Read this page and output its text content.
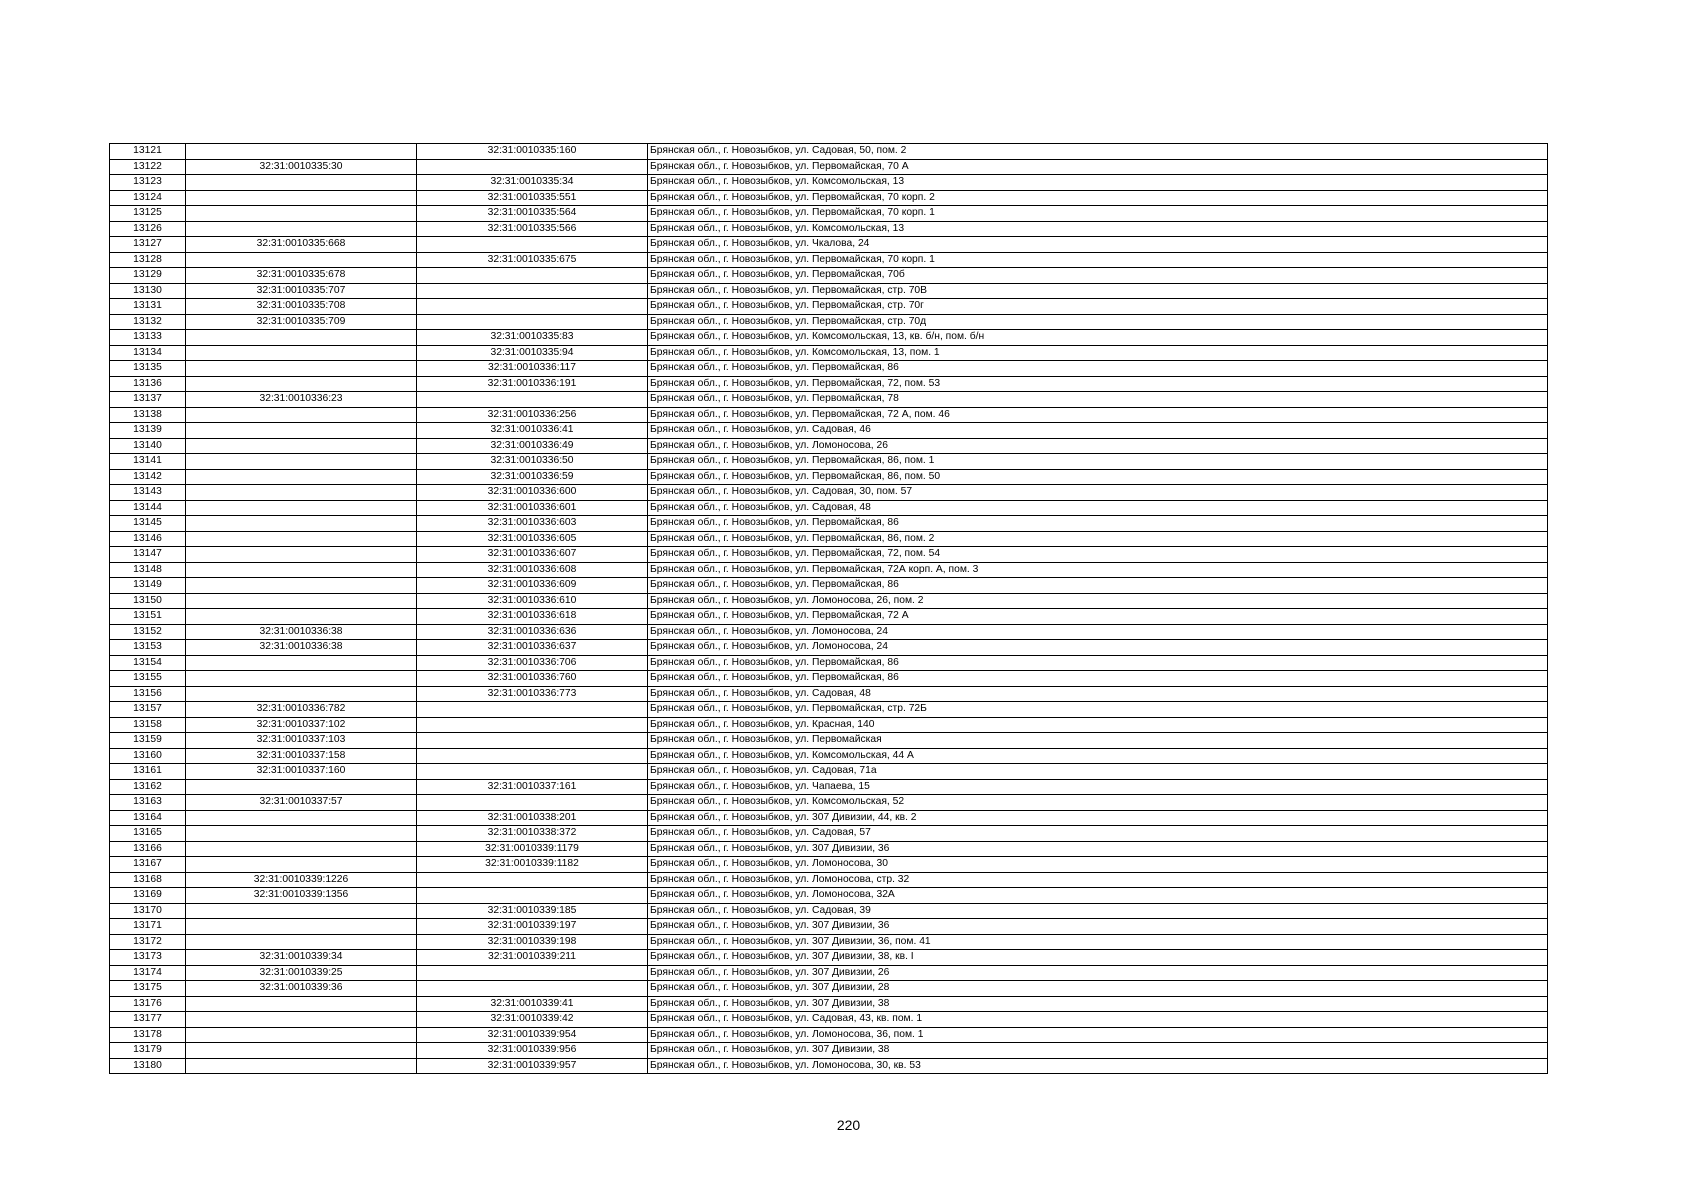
13121		32:31:0010335:160	Брянская обл., г. Новозыбков, ул. Садовая, 50, пом. 2
13122	32:31:0010335:30		Брянская обл., г. Новозыбков, ул. Первомайская, 70 А
13123		32:31:0010335:34	Брянская обл., г. Новозыбков, ул. Комсомольская, 13
13124		32:31:0010335:551	Брянская обл., г. Новозыбков, ул. Первомайская, 70 корп. 2
13125		32:31:0010335:564	Брянская обл., г. Новозыбков, ул. Первомайская, 70 корп. 1
13126		32:31:0010335:566	Брянская обл., г. Новозыбков, ул. Комсомольская, 13
13127	32:31:0010335:668		Брянская обл., г. Новозыбков, ул. Чкалова, 24
13128		32:31:0010335:675	Брянская обл., г. Новозыбков, ул. Первомайская, 70 корп. 1
13129	32:31:0010335:678		Брянская обл., г. Новозыбков, ул. Первомайская, 70б
13130	32:31:0010335:707		Брянская обл., г. Новозыбков, ул. Первомайская, стр. 70В
13131	32:31:0010335:708		Брянская обл., г. Новозыбков, ул. Первомайская, стр. 70г
13132	32:31:0010335:709		Брянская обл., г. Новозыбков, ул. Первомайская, стр. 70д
13133		32:31:0010335:83	Брянская обл., г. Новозыбков, ул. Комсомольская, 13, кв. б/н, пом. б/н
13134		32:31:0010335:94	Брянская обл., г. Новозыбков, ул. Комсомольская, 13, пом. 1
13135		32:31:0010336:117	Брянская обл., г. Новозыбков, ул. Первомайская, 86
13136		32:31:0010336:191	Брянская обл., г. Новозыбков, ул. Первомайская, 72, пом. 53
13137	32:31:0010336:23		Брянская обл., г. Новозыбков, ул. Первомайская, 78
13138		32:31:0010336:256	Брянская обл., г. Новозыбков, ул. Первомайская, 72 А, пом. 46
13139		32:31:0010336:41	Брянская обл., г. Новозыбков, ул. Садовая, 46
13140		32:31:0010336:49	Брянская обл., г. Новозыбков, ул. Ломоносова, 26
13141		32:31:0010336:50	Брянская обл., г. Новозыбков, ул. Первомайская, 86, пом. 1
13142		32:31:0010336:59	Брянская обл., г. Новозыбков, ул. Первомайская, 86, пом. 50
13143		32:31:0010336:600	Брянская обл., г. Новозыбков, ул. Садовая, 30, пом. 57
13144		32:31:0010336:601	Брянская обл., г. Новозыбков, ул. Садовая, 48
13145		32:31:0010336:603	Брянская обл., г. Новозыбков, ул. Первомайская, 86
13146		32:31:0010336:605	Брянская обл., г. Новозыбков, ул. Первомайская, 86, пом. 2
13147		32:31:0010336:607	Брянская обл., г. Новозыбков, ул. Первомайская, 72, пом. 54
13148		32:31:0010336:608	Брянская обл., г. Новозыбков, ул. Первомайская, 72А корп. А, пом. 3
13149		32:31:0010336:609	Брянская обл., г. Новозыбков, ул. Первомайская, 86
13150		32:31:0010336:610	Брянская обл., г. Новозыбков, ул. Ломоносова, 26, пом. 2
13151		32:31:0010336:618	Брянская обл., г. Новозыбков, ул. Первомайская, 72 А
13152	32:31:0010336:38	32:31:0010336:636	Брянская обл., г. Новозыбков, ул. Ломоносова, 24
13153	32:31:0010336:38	32:31:0010336:637	Брянская обл., г. Новозыбков, ул. Ломоносова, 24
13154		32:31:0010336:706	Брянская обл., г. Новозыбков, ул. Первомайская, 86
13155		32:31:0010336:760	Брянская обл., г. Новозыбков, ул. Первомайская, 86
13156		32:31:0010336:773	Брянская обл., г. Новозыбков, ул. Садовая, 48
13157	32:31:0010336:782		Брянская обл., г. Новозыбков, ул. Первомайская, стр. 72Б
13158	32:31:0010337:102		Брянская обл., г. Новозыбков, ул. Красная, 140
13159	32:31:0010337:103		Брянская обл., г. Новозыбков, ул. Первомайская
13160	32:31:0010337:158		Брянская обл., г. Новозыбков, ул. Комсомольская, 44 А
13161	32:31:0010337:160		Брянская обл., г. Новозыбков, ул. Садовая, 71а
13162		32:31:0010337:161	Брянская обл., г. Новозыбков, ул. Чапаева, 15
13163	32:31:0010337:57		Брянская обл., г. Новозыбков, ул. Комсомольская, 52
13164		32:31:0010338:201	Брянская обл., г. Новозыбков, ул. 307 Дивизии, 44, кв. 2
13165		32:31:0010338:372	Брянская обл., г. Новозыбков, ул. Садовая, 57
13166		32:31:0010339:1179	Брянская обл., г. Новозыбков, ул. 307 Дивизии, 36
13167		32:31:0010339:1182	Брянская обл., г. Новозыбков, ул. Ломоносова, 30
13168	32:31:0010339:1226		Брянская обл., г. Новозыбков, ул. Ломоносова, стр. 32
13169	32:31:0010339:1356		Брянская обл., г. Новозыбков, ул. Ломоносова, 32А
13170		32:31:0010339:185	Брянская обл., г. Новозыбков, ул. Садовая, 39
13171		32:31:0010339:197	Брянская обл., г. Новозыбков, ул. 307 Дивизии, 36
13172		32:31:0010339:198	Брянская обл., г. Новозыбков, ул. 307 Дивизии, 36, пом. 41
13173	32:31:0010339:34	32:31:0010339:211	Брянская обл., г. Новозыбков, ул. 307 Дивизии, 38, кв. I
13174	32:31:0010339:25		Брянская обл., г. Новозыбков, ул. 307 Дивизии, 26
13175	32:31:0010339:36		Брянская обл., г. Новозыбков, ул. 307 Дивизии, 28
13176		32:31:0010339:41	Брянская обл., г. Новозыбков, ул. 307 Дивизии, 38
13177		32:31:0010339:42	Брянская обл., г. Новозыбков, ул. Садовая, 43, кв. пом. 1
13178		32:31:0010339:954	Брянская обл., г. Новозыбков, ул. Ломоносова, 36, пом. 1
13179		32:31:0010339:956	Брянская обл., г. Новозыбков, ул. 307 Дивизии, 38
13180		32:31:0010339:957	Брянская обл., г. Новозыбков, ул. Ломоносова, 30, кв. 53
220
